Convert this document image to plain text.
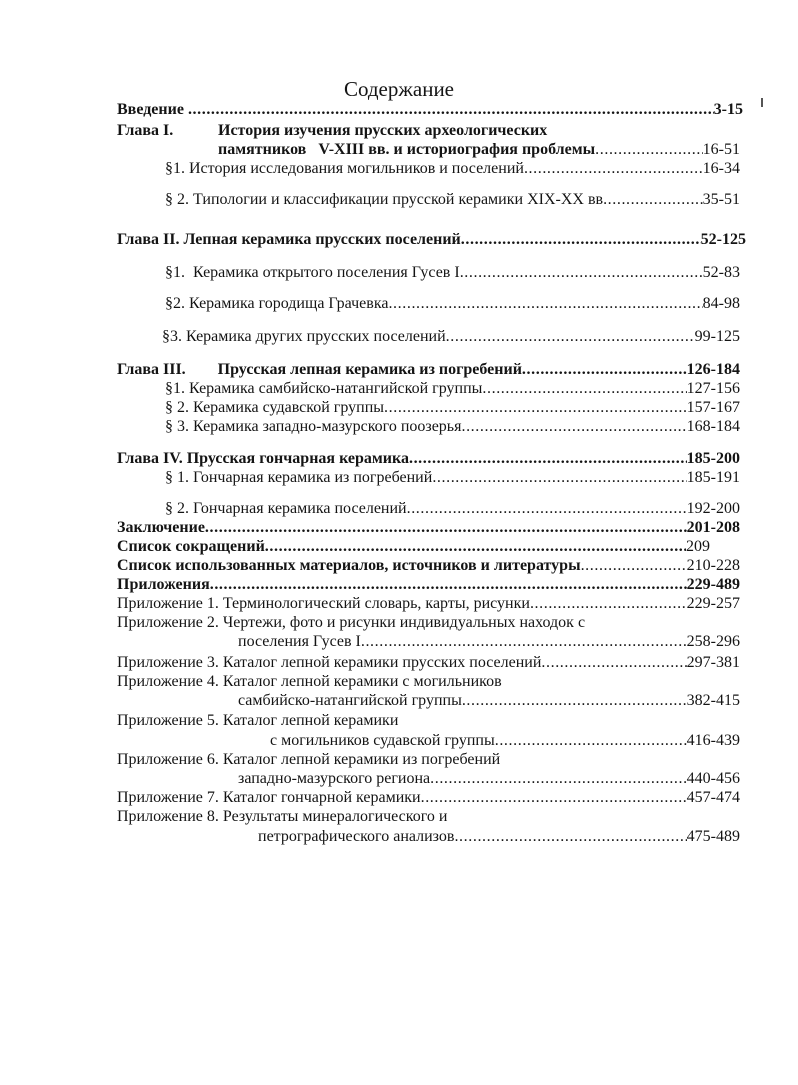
Содержание
Введение .....	3-15
Глава I.	История изучения прусских археологических
памятников   V-XIII вв. и историография проблемы .....	16-51
§1. История исследования могильников и поселений .....	16-34
§ 2. Типологии и классификации прусской керамики XIX-XX вв .....	35-51
Глава II. Лепная керамика прусских поселений .....	52-125
§1.  Керамика открытого поселения Гусев I .....	52-83
§2. Керамика городища Грачевка .....	84-98
§3. Керамика других прусских поселений .....	99-125
Глава III.        Прусская лепная керамика из погребений .....	126-184
§1. Керамика самбийско-натангийской группы .....	127-156
§ 2. Керамика судавской группы .....	157-167
§ 3. Керамика западно-мазурского поозерья .....	168-184
Глава IV. Прусская гончарная керамика .....	185-200
§ 1. Гончарная керамика из погребений .....	185-191
§ 2. Гончарная керамика поселений .....	192-200
Заключение .....	201-208
Список сокращений .....	209
Список использованных материалов, источников и литературы .....	210-228
Приложения .....	229-489
Приложение 1. Терминологический словарь, карты, рисунки .....	229-257
Приложение 2. Чертежи, фото и рисунки индивидуальных находок с
поселения Гусев I .....	258-296
Приложение 3. Каталог лепной керамики прусских поселений .....	297-381
Приложение 4. Каталог лепной керамики с могильников
самбийско-натангийской группы .....	382-415
Приложение 5. Каталог лепной керамики
с могильников судавской группы .....	416-439
Приложение 6. Каталог лепной керамики из погребений
западно-мазурского региона .....	440-456
Приложение 7. Каталог гончарной керамики .....	457-474
Приложение 8. Результаты минералогического и
петрографического анализов .....	475-489
